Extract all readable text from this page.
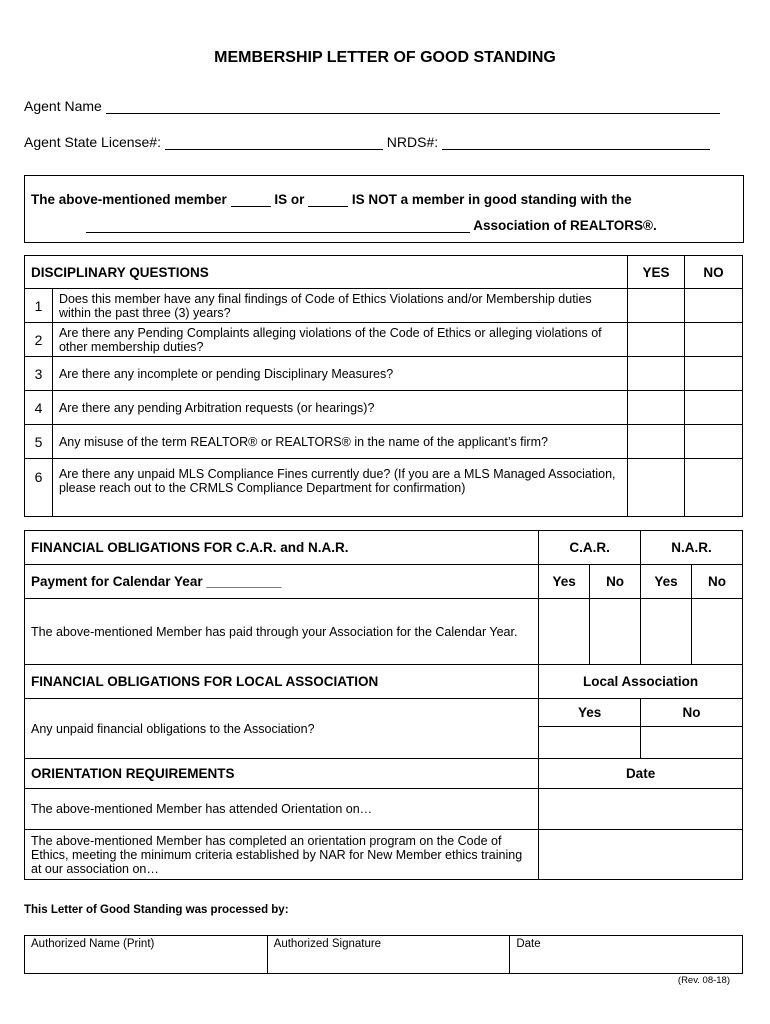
MEMBERSHIP LETTER OF GOOD STANDING
Agent Name
Agent State License#:	NRDS#:
The above-mentioned member	IS or	IS NOT a member in good standing with the
Association of REALTORS®.
DISCIPLINARY QUESTIONS		YES	NO
1	Does this member have any final findings of Code of Ethics Violations and/or Membership duties within the past three (3) years?		
2	Are there any Pending Complaints alleging violations of the Code of Ethics or alleging violations of other membership duties?		
3	Are there any incomplete or pending Disciplinary Measures?		
4	Are there any pending Arbitration requests (or hearings)?		
5	Any misuse of the term REALTOR® or REALTORS® in the name of the applicant’s firm?		
6	Are there any unpaid MLS Compliance Fines currently due? (If you are a MLS Managed Association, please reach out to the CRMLS Compliance Department for confirmation)		
FINANCIAL OBLIGATIONS FOR C.A.R. and N.A.R.	C.A.R.		N.A.R.	
Payment for Calendar Year __________	Yes	No	Yes	No
The above-mentioned Member has paid through your Association for the Calendar Year.				
FINANCIAL OBLIGATIONS FOR LOCAL ASSOCIATION	Local Association			
Any unpaid financial obligations to the Association?	Yes		No	

ORIENTATION REQUIREMENTS	Date			
The above-mentioned Member has attended Orientation on…				
The above-mentioned Member has completed an orientation program on the Code of Ethics, meeting the minimum criteria established by NAR for New Member ethics training at our association on…				
This Letter of Good Standing was processed by:
Authorized Name (Print)	Authorized Signature	Date
(Rev. 08-18)
